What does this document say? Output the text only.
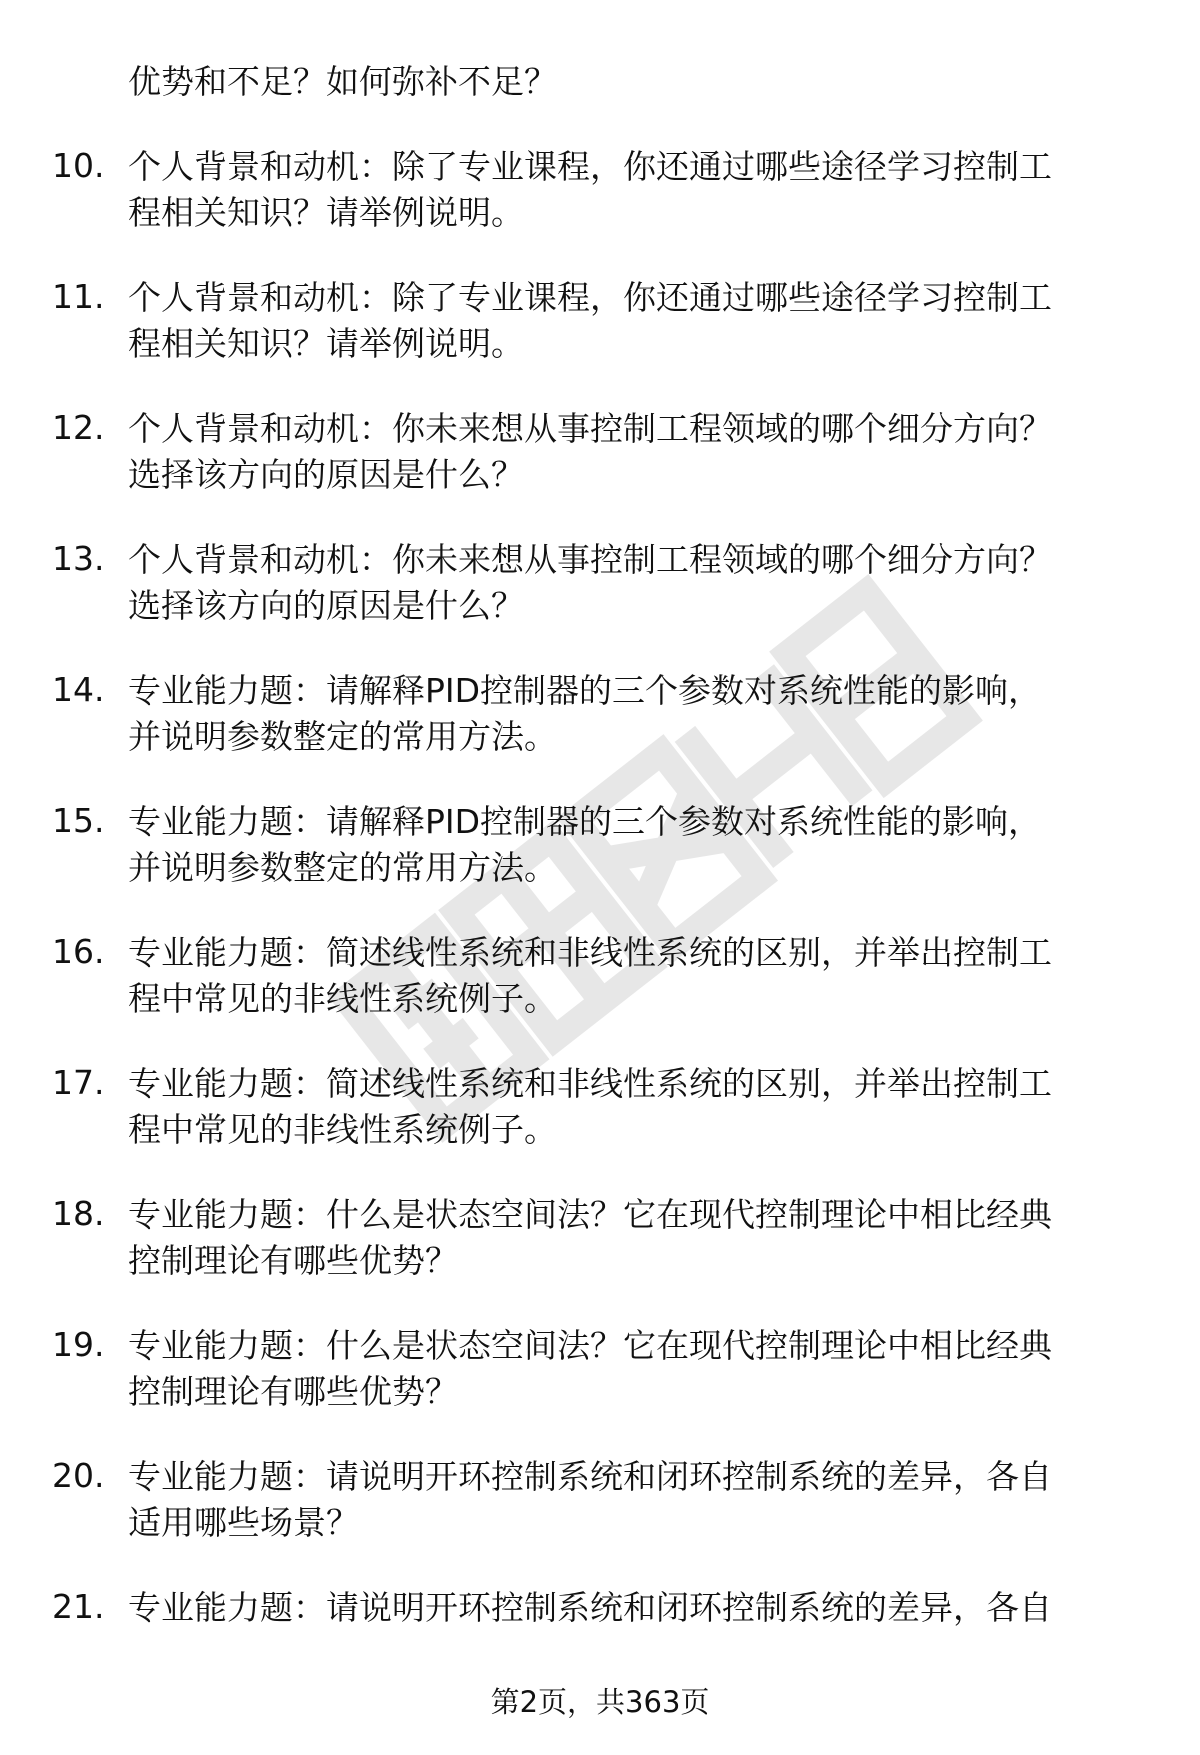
优势和不足？如何弥补不足？
10. 个人背景和动机：除了专业课程，你还通过哪些途径学习控制工
程相关知识？请举例说明。
11. 个人背景和动机：除了专业课程，你还通过哪些途径学习控制工
程相关知识？请举例说明。
12. 个人背景和动机：你未来想从事控制工程领域的哪个细分方向？
选择该方向的原因是什么？
13. 个人背景和动机：你未来想从事控制工程领域的哪个细分方向？
选择该方向的原因是什么？
14. 专业能力题：请解释PID控制器的三个参数对系统性能的影响，
并说明参数整定的常用方法。
15. 专业能力题：请解释PID控制器的三个参数对系统性能的影响，
并说明参数整定的常用方法。
16. 专业能力题：简述线性系统和非线性系统的区别，并举出控制工
程中常见的非线性系统例子。
17. 专业能力题：简述线性系统和非线性系统的区别，并举出控制工
程中常见的非线性系统例子。
18. 专业能力题：什么是状态空间法？它在现代控制理论中相比经典
控制理论有哪些优势？
19. 专业能力题：什么是状态空间法？它在现代控制理论中相比经典
控制理论有哪些优势？
20. 专业能力题：请说明开环控制系统和闭环控制系统的差异，各自
适用哪些场景？
21. 专业能力题：请说明开环控制系统和闭环控制系统的差异，各自
第2页，共363页
